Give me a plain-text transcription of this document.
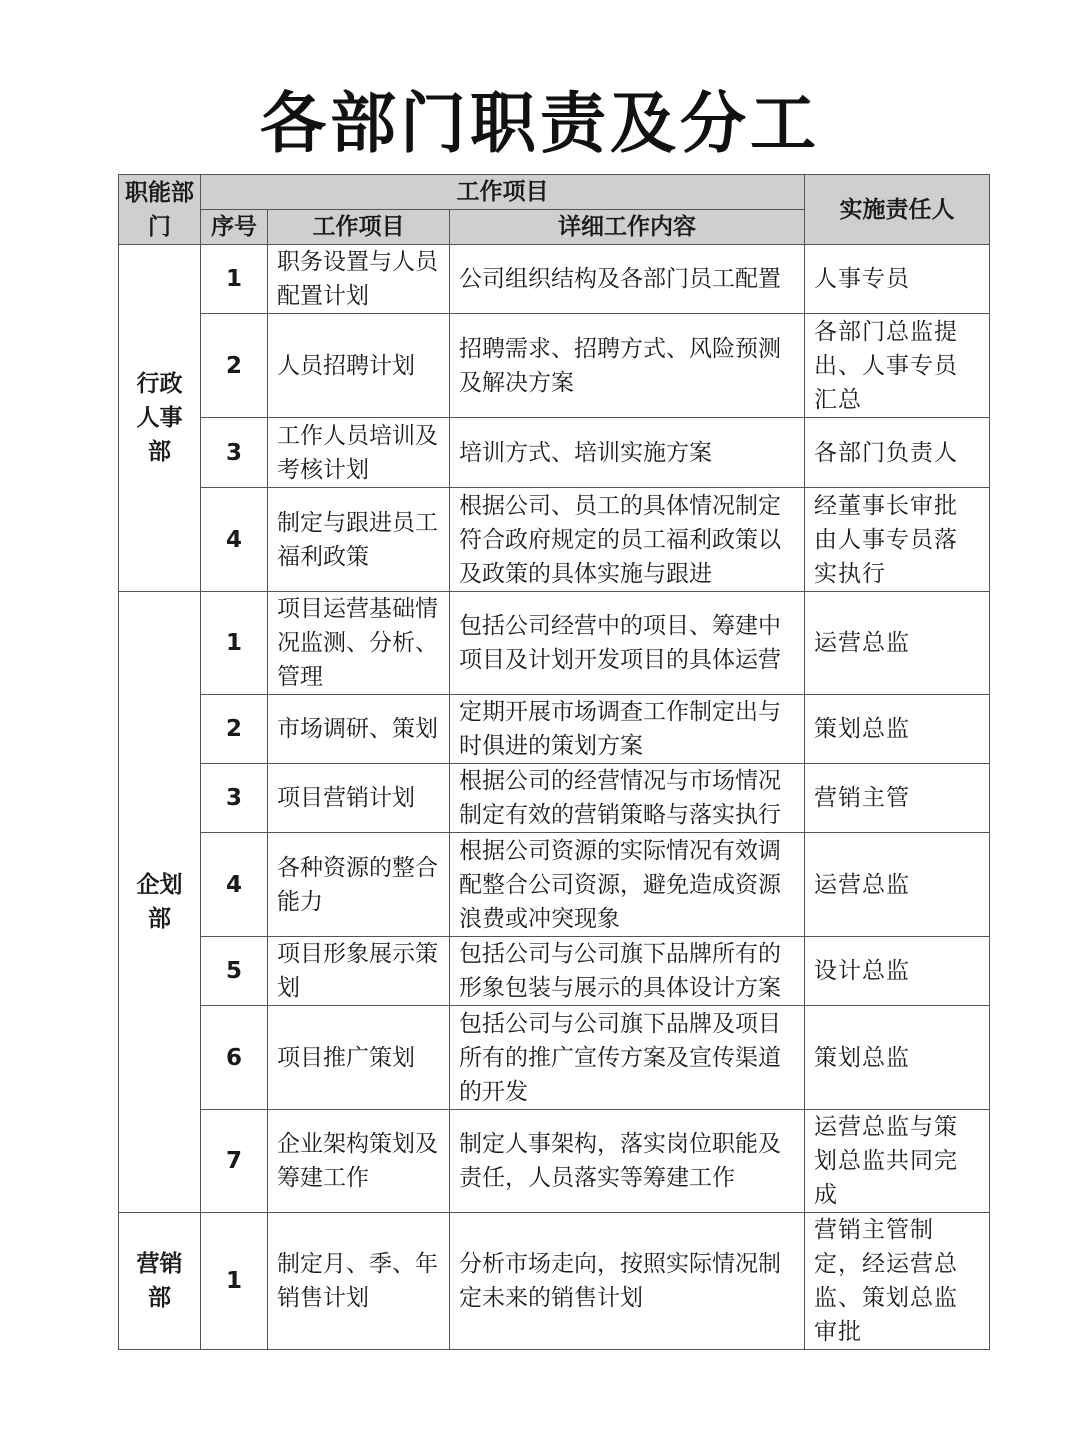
各部门职责及分工
职能部门	工作项目			实施责任人
	序号	工作项目	详细工作内容	

行政人事部	1	职务设置与人员配置计划	公司组织结构及各部门员工配置	人事专员
	2	人员招聘计划	招聘需求、招聘方式、风险预测及解决方案	各部门总监提出、人事专员汇总
	3	工作人员培训及考核计划	培训方式、培训实施方案	各部门负责人
	4	制定与跟进员工福利政策	根据公司、员工的具体情况制定符合政府规定的员工福利政策以及政策的具体实施与跟进	经董事长审批由人事专员落实执行

企划部	1	项目运营基础情况监测、分析、管理	包括公司经营中的项目、筹建中项目及计划开发项目的具体运营	运营总监
	2	市场调研、策划	定期开展市场调查工作制定出与时俱进的策划方案	策划总监
	3	项目营销计划	根据公司的经营情况与市场情况制定有效的营销策略与落实执行	营销主管
	4	各种资源的整合能力	根据公司资源的实际情况有效调配整合公司资源，避免造成资源浪费或冲突现象	运营总监
	5	项目形象展示策划	包括公司与公司旗下品牌所有的形象包装与展示的具体设计方案	设计总监
	6	项目推广策划	包括公司与公司旗下品牌及项目所有的推广宣传方案及宣传渠道的开发	策划总监
	7	企业架构策划及筹建工作	制定人事架构，落实岗位职能及责任，人员落实等筹建工作	运营总监与策划总监共同完成

营销部	1	制定月、季、年销售计划	分析市场走向，按照实际情况制定未来的销售计划	营销主管制定，经运营总监、策划总监审批
